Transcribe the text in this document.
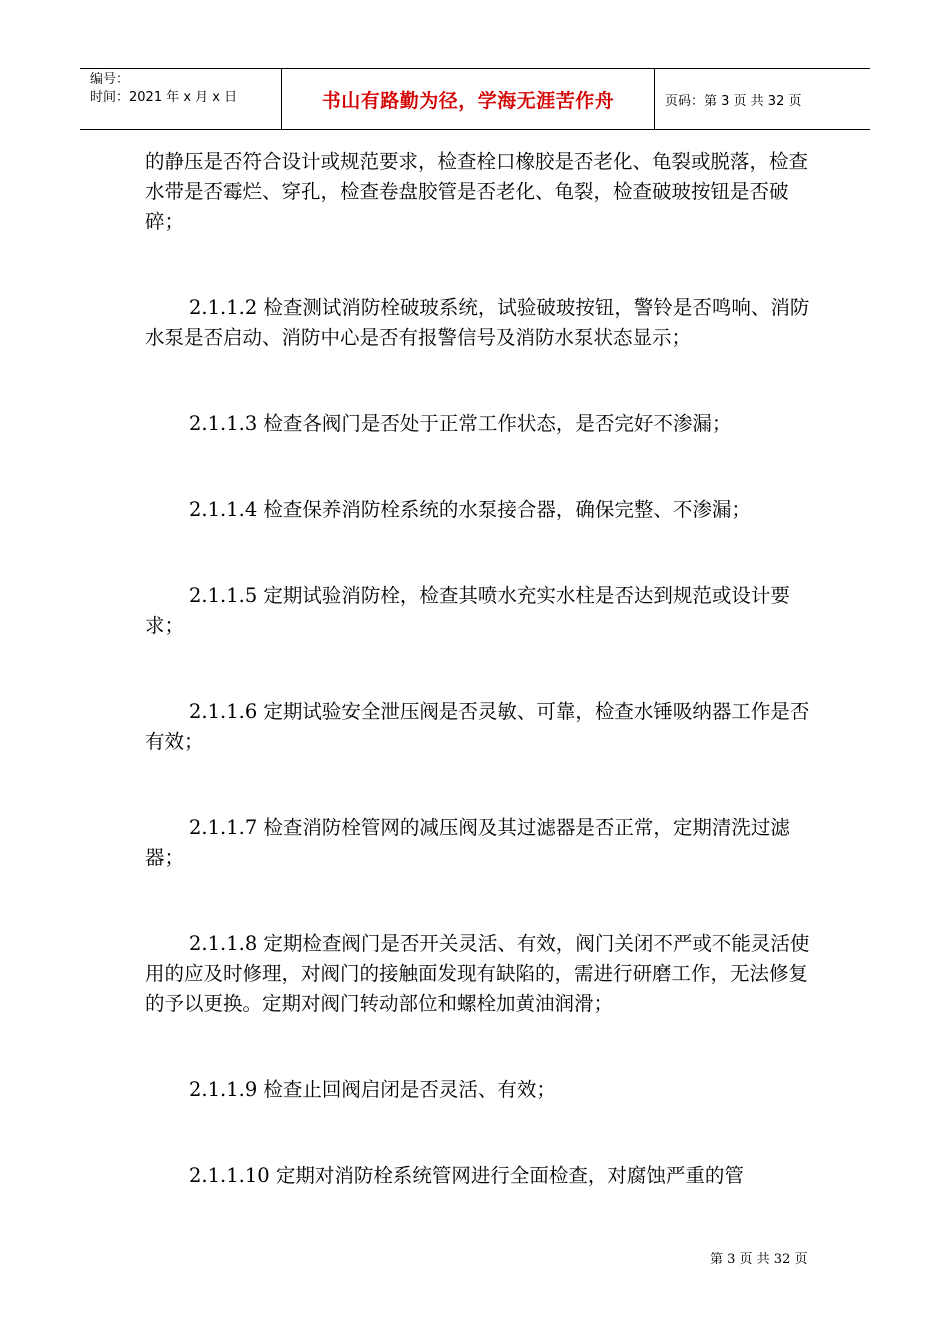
编号：
时间：2021 年 x 月 x 日	书山有路勤为径，学海无涯苦作舟	页码：第 3 页 共 32 页

的静压是否符合设计或规范要求，检查栓口橡胶是否老化、龟裂或脱落，检查水带是否霉烂、穿孔，检查卷盘胶管是否老化、龟裂，检查破玻按钮是否破碎；

2.1.1.2 检查测试消防栓破玻系统，试验破玻按钮，警铃是否鸣响、消防水泵是否启动、消防中心是否有报警信号及消防水泵状态显示；

2.1.1.3 检查各阀门是否处于正常工作状态，是否完好不渗漏；

2.1.1.4 检查保养消防栓系统的水泵接合器，确保完整、不渗漏；

2.1.1.5 定期试验消防栓，检查其喷水充实水柱是否达到规范或设计要求；

2.1.1.6 定期试验安全泄压阀是否灵敏、可靠，检查水锤吸纳器工作是否有效；

2.1.1.7 检查消防栓管网的减压阀及其过滤器是否正常，定期清洗过滤器；

2.1.1.8 定期检查阀门是否开关灵活、有效，阀门关闭不严或不能灵活使用的应及时修理，对阀门的接触面发现有缺陷的，需进行研磨工作，无法修复的予以更换。定期对阀门转动部位和螺栓加黄油润滑；

2.1.1.9 检查止回阀启闭是否灵活、有效；

2.1.1.10 定期对消防栓系统管网进行全面检查，对腐蚀严重的管

第 3 页 共 32 页
